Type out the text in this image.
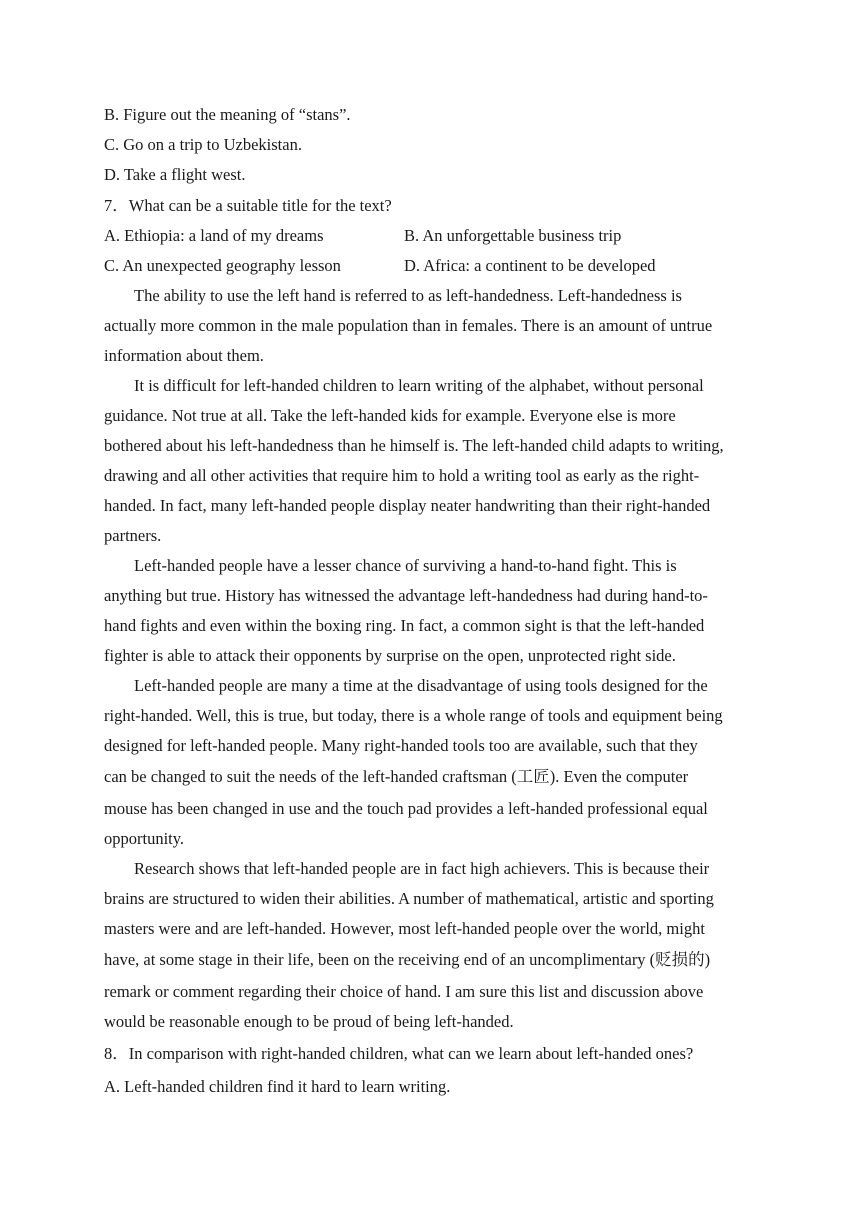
B. Figure out the meaning of “stans”.

C. Go on a trip to Uzbekistan.

D. Take a flight west.

7．What can be a suitable title for the text?

A. Ethiopia: a land of my dreams	B. An unforgettable business trip
C. An unexpected geography lesson	D. Africa: a continent to be developed
The ability to use the left hand is referred to as left-handedness. Left-handedness is
actually more common in the male population than in females. There is an amount of untrue
information about them.
It is difficult for left-handed children to learn writing of the alphabet, without personal
guidance. Not true at all. Take the left-handed kids for example. Everyone else is more
bothered about his left-handedness than he himself is. The left-handed child adapts to writing,
drawing and all other activities that require him to hold a writing tool as early as the right-
handed. In fact, many left-handed people display neater handwriting than their right-handed
partners.
Left-handed people have a lesser chance of surviving a hand-to-hand fight. This is
anything but true. History has witnessed the advantage left-handedness had during hand-to-
hand fights and even within the boxing ring. In fact, a common sight is that the left-handed
fighter is able to attack their opponents by surprise on the open, unprotected right side.
Left-handed people are many a time at the disadvantage of using tools designed for the
right-handed. Well, this is true, but today, there is a whole range of tools and equipment being
designed for left-handed people. Many right-handed tools too are available, such that they
can be changed to suit the needs of the left-handed craftsman (工匠). Even the computer
mouse has been changed in use and the touch pad provides a left-handed professional equal
opportunity.
Research shows that left-handed people are in fact high achievers. This is because their
brains are structured to widen their abilities. A number of mathematical, artistic and sporting
masters were and are left-handed. However, most left-handed people over the world, might
have, at some stage in their life, been on the receiving end of an uncomplimentary (贬损的)
remark or comment regarding their choice of hand. I am sure this list and discussion above
would be reasonable enough to be proud of being left-handed.

8．In comparison with right-handed children, what can we learn about left-handed ones?

A. Left-handed children find it hard to learn writing.
